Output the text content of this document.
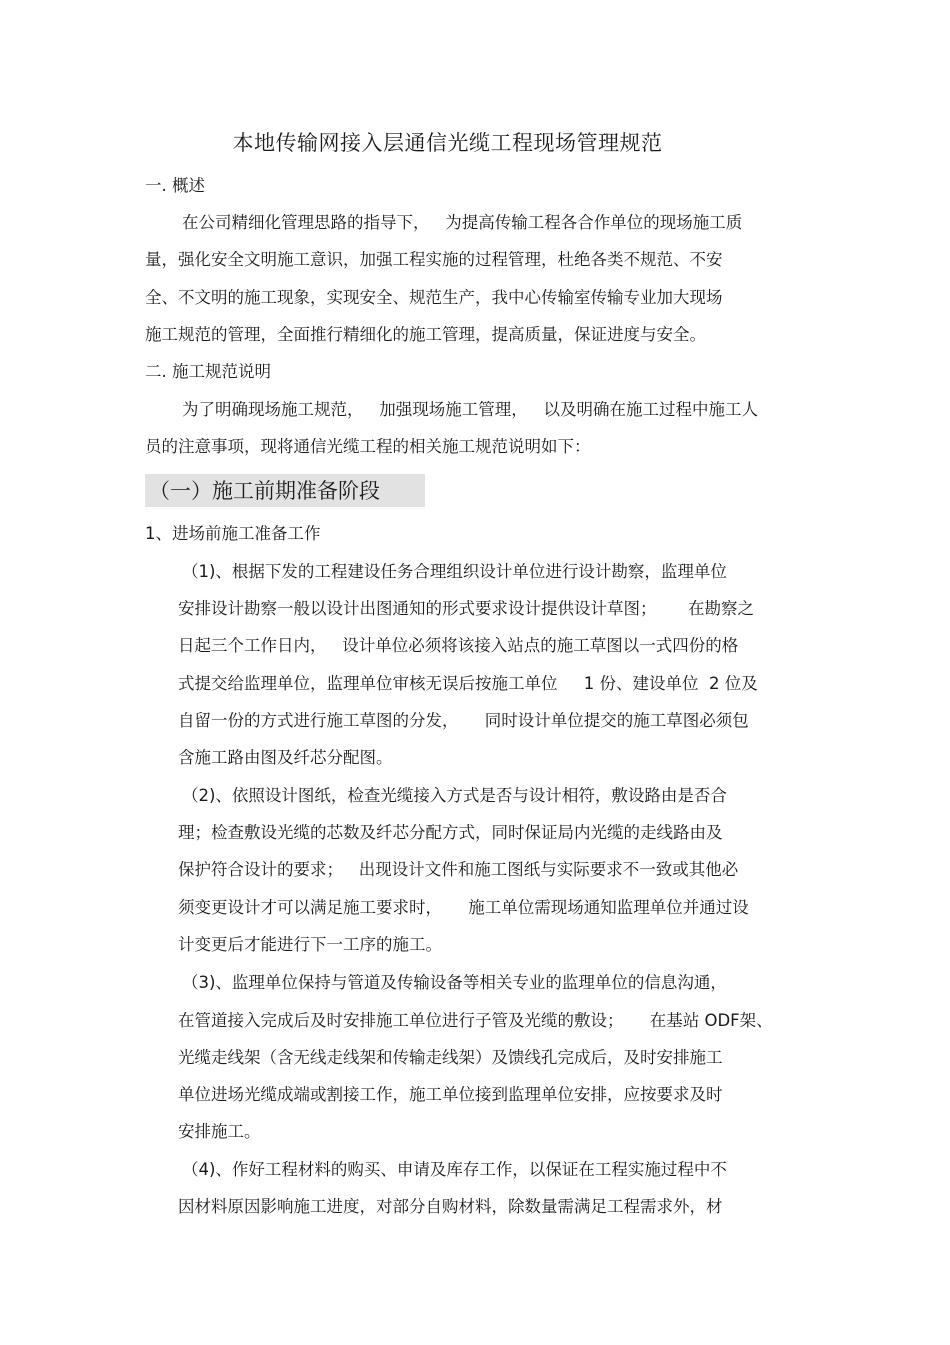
本地传输网接入层通信光缆工程现场管理规范
一. 概述
在公司精细化管理思路的指导下，   为提高传输工程各合作单位的现场施工质
量，强化安全文明施工意识，加强工程实施的过程管理，杜绝各类不规范、不安
全、不文明的施工现象，实现安全、规范生产，我中心传输室传输专业加大现场
施工规范的管理，全面推行精细化的施工管理，提高质量，保证进度与安全。
二. 施工规范说明
为了明确现场施工规范，   加强现场施工管理，   以及明确在施工过程中施工人
员的注意事项，现将通信光缆工程的相关施工规范说明如下：
（一）施工前期准备阶段
1、进场前施工准备工作
（1)、根据下发的工程建设任务合理组织设计单位进行设计勘察，监理单位
安排设计勘察一般以设计出图通知的形式要求设计提供设计草图；      在勘察之
日起三个工作日内，   设计单位必须将该接入站点的施工草图以一式四份的格
式提交给监理单位，监理单位审核无误后按施工单位     1 份、建设单位  2 位及
自留一份的方式进行施工草图的分发，     同时设计单位提交的施工草图必须包
含施工路由图及纤芯分配图。
（2)、依照设计图纸，检查光缆接入方式是否与设计相符，敷设路由是否合
理；检查敷设光缆的芯数及纤芯分配方式，同时保证局内光缆的走线路由及
保护符合设计的要求；   出现设计文件和施工图纸与实际要求不一致或其他必
须变更设计才可以满足施工要求时，     施工单位需现场通知监理单位并通过设
计变更后才能进行下一工序的施工。
（3)、监理单位保持与管道及传输设备等相关专业的监理单位的信息沟通，
在管道接入完成后及时安排施工单位进行子管及光缆的敷设；     在基站 ODF架、
光缆走线架（含无线走线架和传输走线架）及馈线孔完成后，及时安排施工
单位进场光缆成端或割接工作，施工单位接到监理单位安排，应按要求及时
安排施工。
（4)、作好工程材料的购买、申请及库存工作，以保证在工程实施过程中不
因材料原因影响施工进度，对部分自购材料，除数量需满足工程需求外，材
